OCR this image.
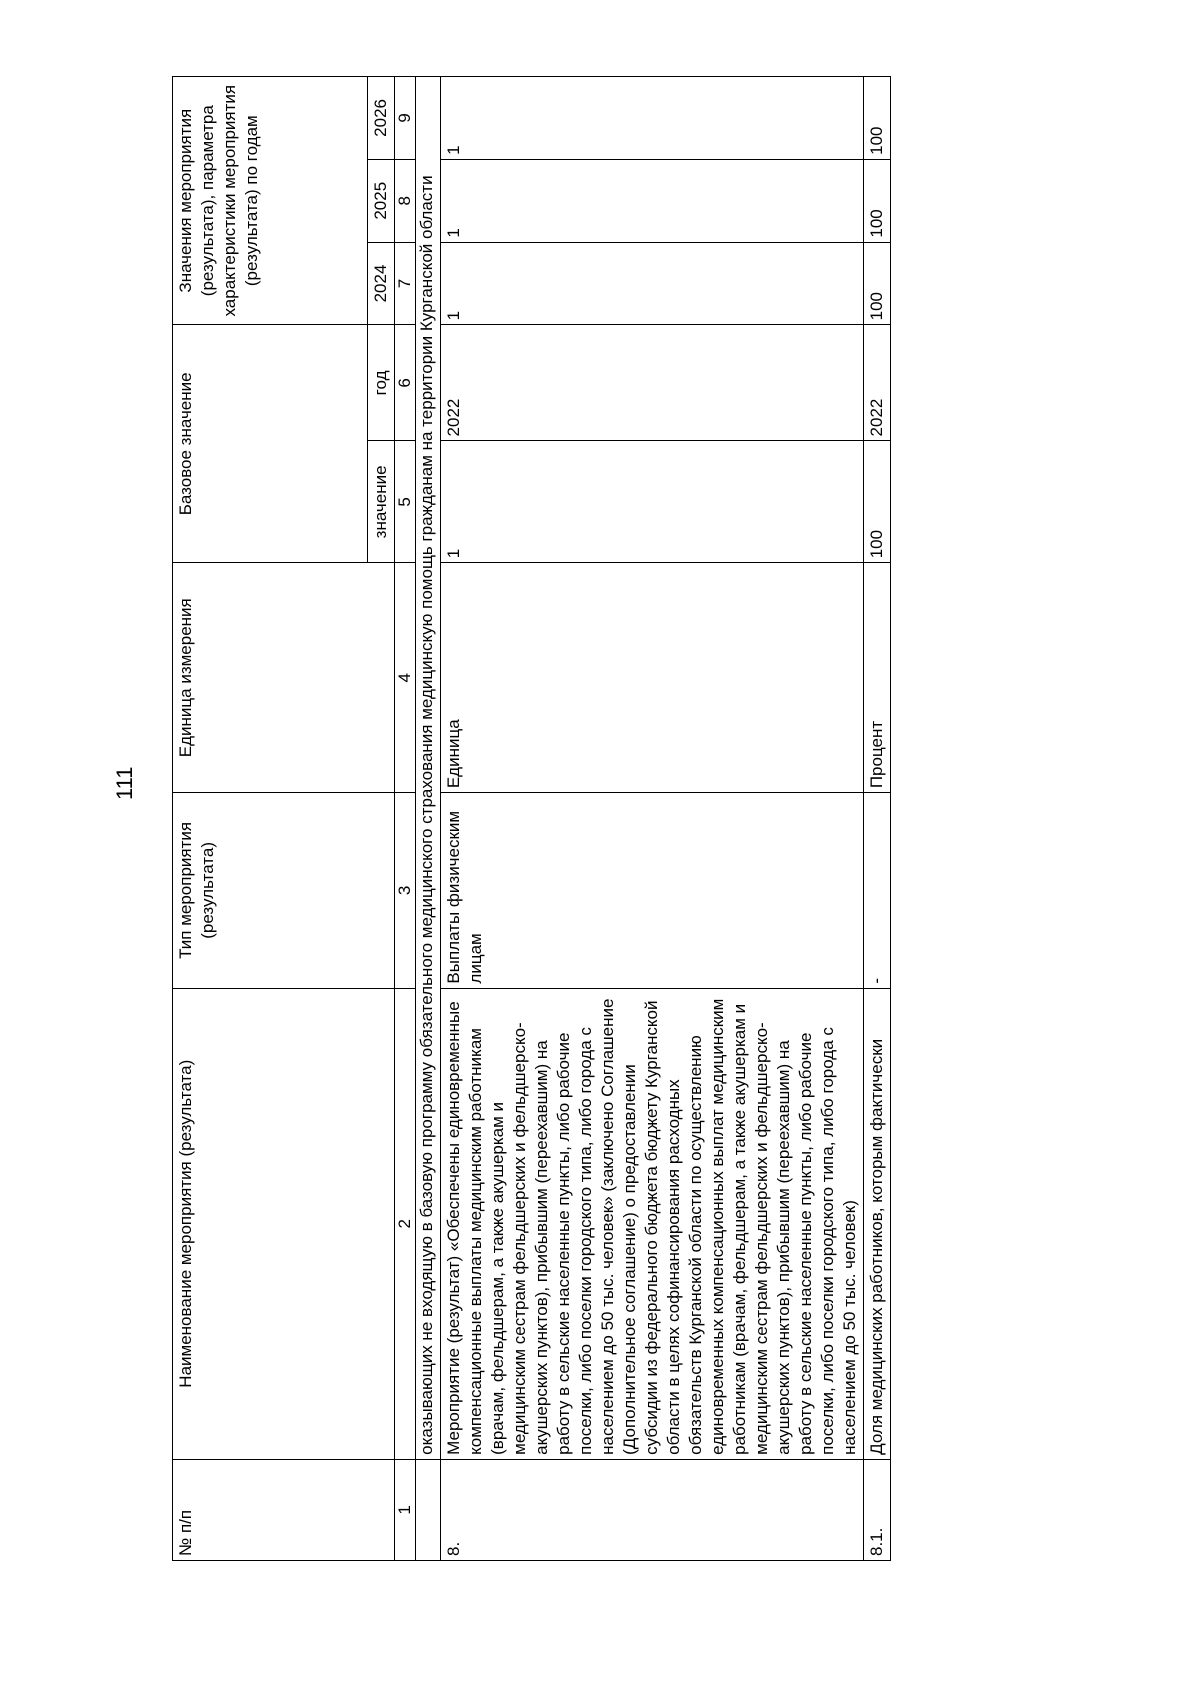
111
№ п/п	Наименование мероприятия (результата)	Тип мероприятия (результата)	Единица измерения	Базовое значение		Значения мероприятия (результата), параметра характеристики мероприятия (результата) по годам		
				значение	год	2024	2025	2026
1	2	3	4	5	6	7	8	9
	оказывающих не входящую в базовую программу обязательного медицинского страхования медицинскую помощь гражданам на территории Курганской области							
8.	Мероприятие (результат) «Обеспечены единовременные компенсационные выплаты медицинским работникам (врачам, фельдшерам, а также акушеркам и медицинским сестрам фельдшерских и фельдшерско-акушерских пунктов), прибывшим (переехавшим) на работу в сельские населенные пункты, либо рабочие поселки, либо поселки городского типа, либо города с населением до 50 тыс. человек» (заключено Соглашение (Дополнительное соглашение) о предоставлении субсидии из федерального бюджета бюджету Курганской области в целях софинансирования расходных обязательств Курганской области по осуществлению единовременных компенсационных выплат медицинским работникам (врачам, фельдшерам, а также акушеркам и медицинским сестрам фельдшерских и фельдшерско-акушерских пунктов), прибывшим (переехавшим) на работу в сельские населенные пункты, либо рабочие поселки, либо поселки городского типа, либо города с населением до 50 тыс. человек)	Выплаты физическим лицам	Единица	1	2022	1	1	1
8.1.	Доля медицинских работников, которым фактически	-	Процент	100	2022	100	100	100
